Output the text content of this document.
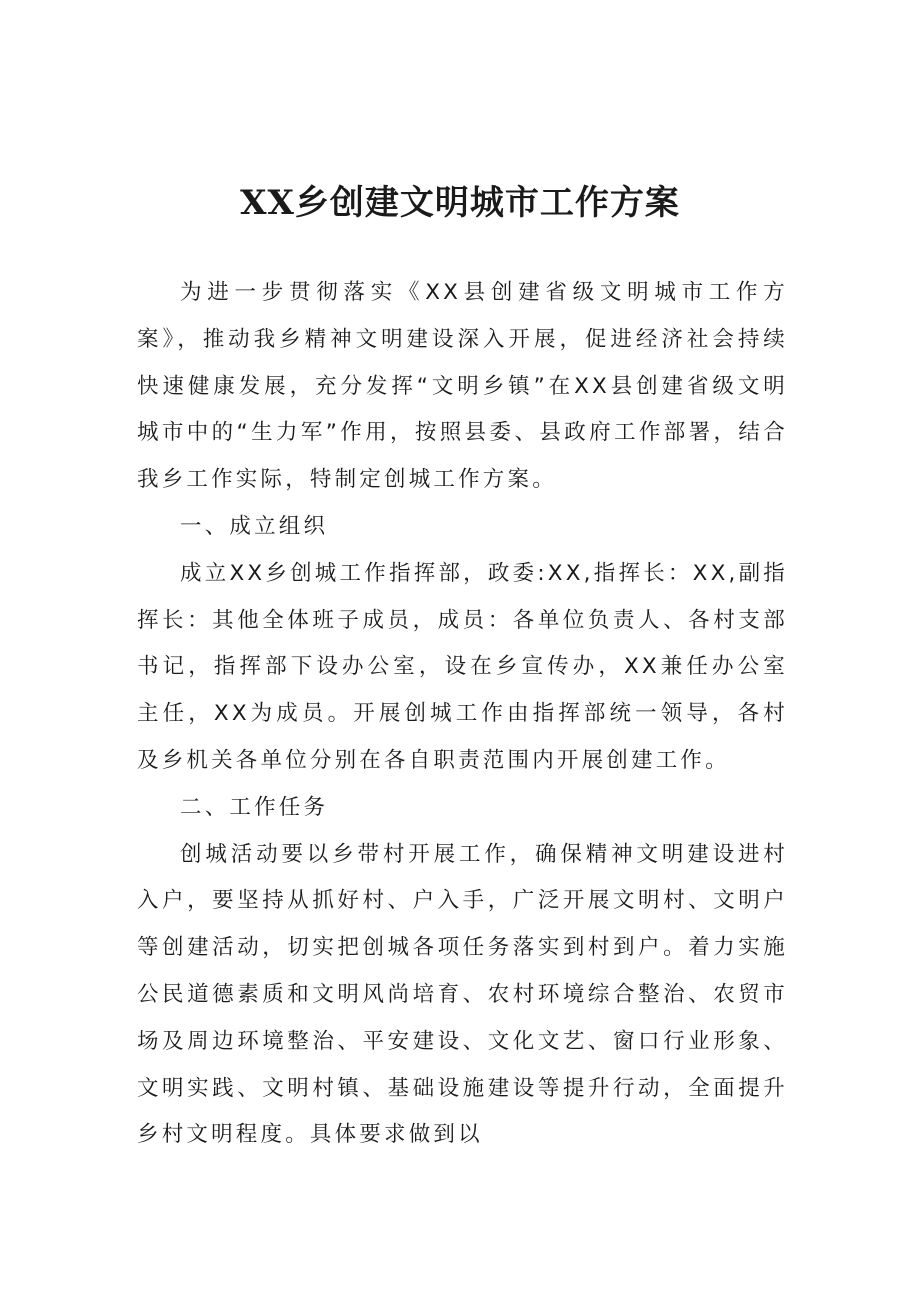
XX乡创建文明城市工作方案

为进一步贯彻落实《XX县创建省级文明城市工作方案》，推动我乡精神文明建设深入开展，促进经济社会持续快速健康发展，充分发挥“文明乡镇”在XX县创建省级文明城市中的“生力军”作用，按照县委、县政府工作部署，结合我乡工作实际，特制定创城工作方案。

一、成立组织

成立XX乡创城工作指挥部，政委:XX,指挥长：XX,副指挥长：其他全体班子成员，成员：各单位负责人、各村支部书记，指挥部下设办公室，设在乡宣传办，XX兼任办公室主任，XX为成员。开展创城工作由指挥部统一领导，各村及乡机关各单位分别在各自职责范围内开展创建工作。

二、工作任务

创城活动要以乡带村开展工作，确保精神文明建设进村入户，要坚持从抓好村、户入手，广泛开展文明村、文明户等创建活动，切实把创城各项任务落实到村到户。着力实施公民道德素质和文明风尚培育、农村环境综合整治、农贸市场及周边环境整治、平安建设、文化文艺、窗口行业形象、文明实践、文明村镇、基础设施建设等提升行动，全面提升乡村文明程度。具体要求做到以
